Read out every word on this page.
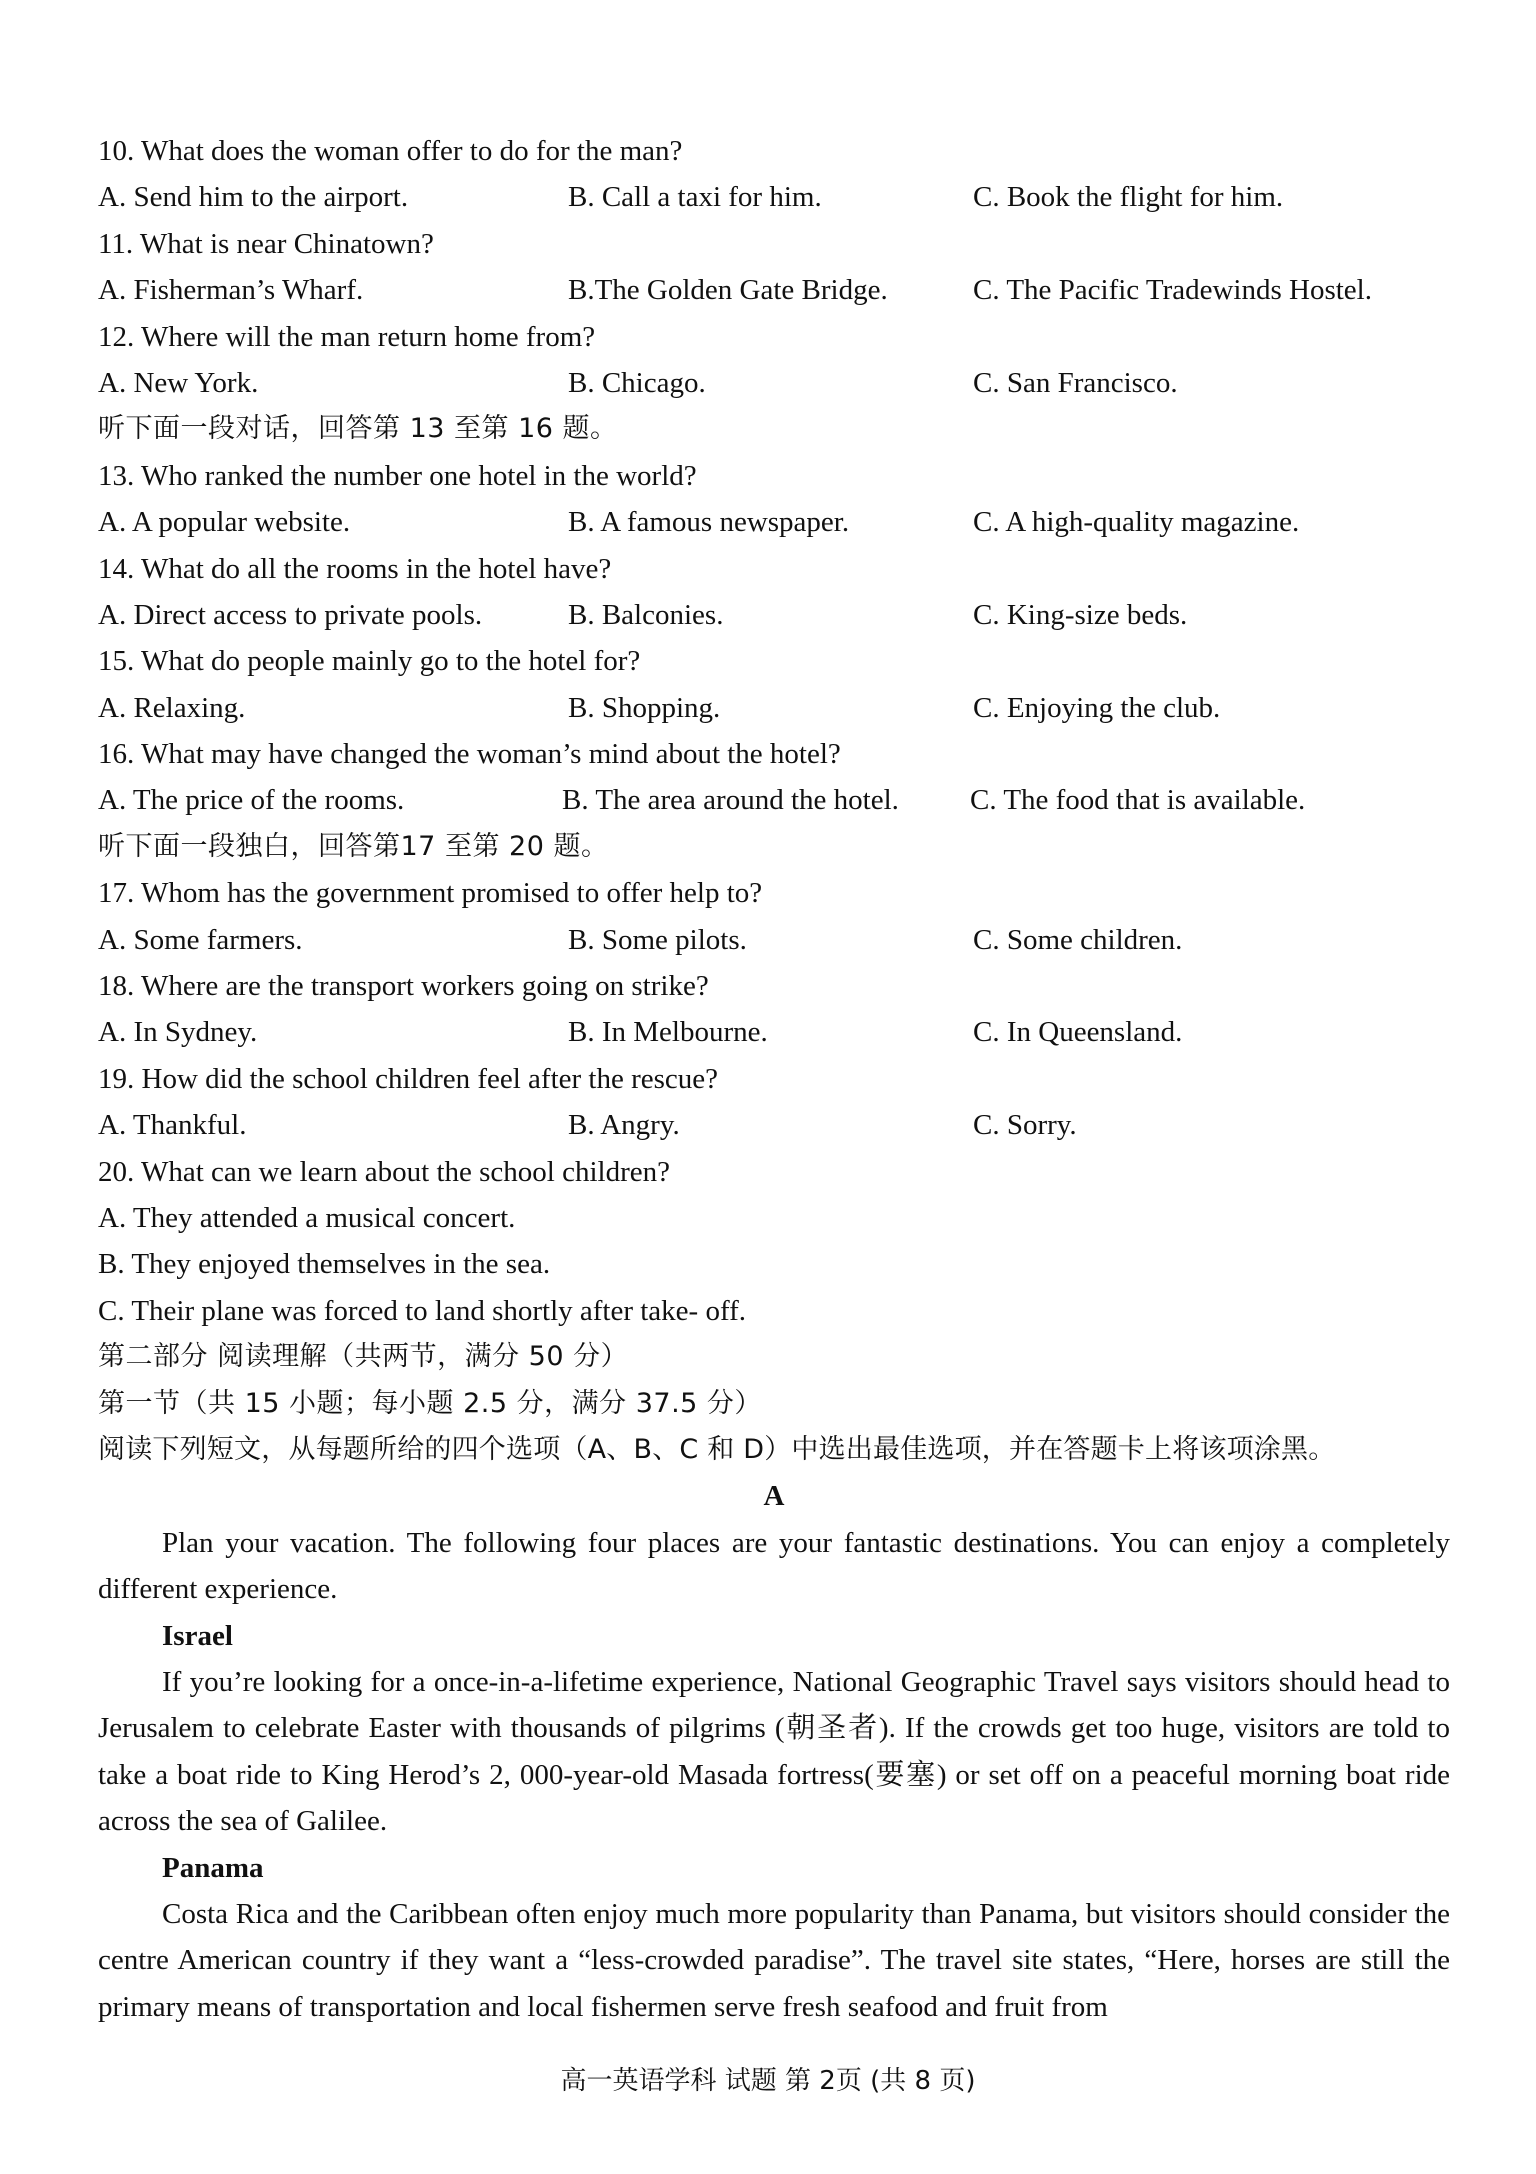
10. What does the woman offer to do for the man?
A. Send him to the airport.	B. Call a taxi for him.	C. Book the flight for him.
11. What is near Chinatown?
A. Fisherman’s Wharf.	B.The Golden Gate Bridge.	C. The Pacific Tradewinds Hostel.
12. Where will the man return home from?
A. New York.	B. Chicago.	C. San Francisco.
听下面一段对话，回答第 13 至第 16 题。
13. Who ranked the number one hotel in the world?
A. A popular website.	B. A famous newspaper.	C. A high-quality magazine.
14. What do all the rooms in the hotel have?
A. Direct access to private pools.	B. Balconies.	C. King-size beds.
15. What do people mainly go to the hotel for?
A. Relaxing.	B. Shopping.	C. Enjoying the club.
16. What may have changed the woman’s mind about the hotel?
A. The price of the rooms.	B. The area around the hotel. C. The food that is available.
听下面一段独白，回答第17 至第 20 题。
17. Whom has the government promised to offer help to?
A. Some farmers.	B. Some pilots.	C. Some children.
18. Where are the transport workers going on strike?
A. In Sydney.	B. In Melbourne.	C. In Queensland.
19. How did the school children feel after the rescue?
A. Thankful.	B. Angry.	C. Sorry.
20. What can we learn about the school children?
A. They attended a musical concert.
B. They enjoyed themselves in the sea.
C. Their plane was forced to land shortly after take- off.
第二部分 阅读理解（共两节，满分 50 分）
第一节（共 15 小题；每小题 2.5 分，满分 37.5 分）
阅读下列短文，从每题所给的四个选项（A、B、C 和 D）中选出最佳选项，并在答题卡上将该项涂黑。
A
Plan your vacation. The following four places are your fantastic destinations. You can enjoy a completely different experience.
Israel
If you’re looking for a once-in-a-lifetime experience, National Geographic Travel says visitors should head to Jerusalem to celebrate Easter with thousands of pilgrims (朝圣者). If the crowds get too huge, visitors are told to take a boat ride to King Herod’s 2, 000-year-old Masada fortress(要塞) or set off on a peaceful morning boat ride across the sea of Galilee.
Panama
Costa Rica and the Caribbean often enjoy much more popularity than Panama, but visitors should consider the centre American country if they want a “less-crowded paradise”. The travel site states, “Here, horses are still the primary means of transportation and local fishermen serve fresh seafood and fruit from
高一英语学科 试题 第 2页 (共 8 页)
